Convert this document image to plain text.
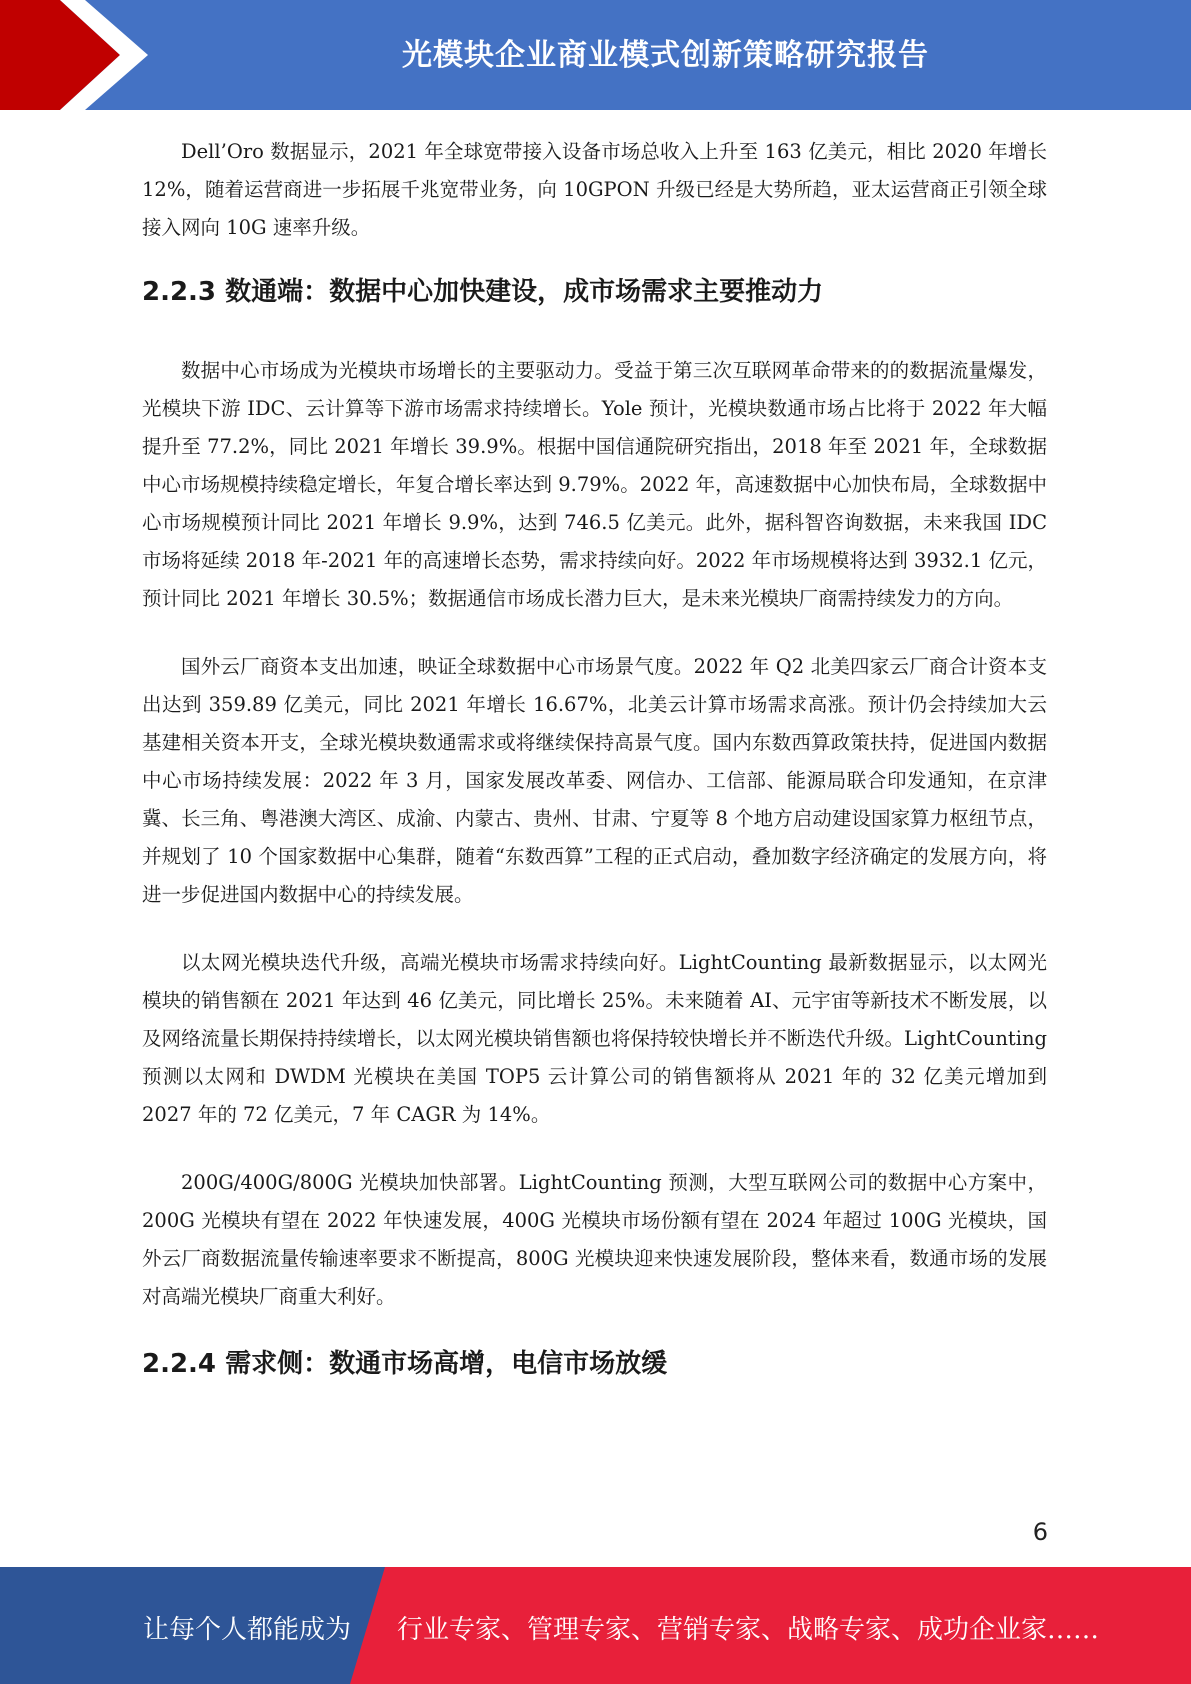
光模块企业商业模式创新策略研究报告

Dell’Oro 数据显示，2021 年全球宽带接入设备市场总收入上升至 163 亿美元，相比 2020 年增长 12%，随着运营商进一步拓展千兆宽带业务，向 10GPON 升级已经是大势所趋，亚太运营商正引领全球接入网向 10G 速率升级。

2.2.3 数通端：数据中心加快建设，成市场需求主要推动力

数据中心市场成为光模块市场增长的主要驱动力。受益于第三次互联网革命带来的的数据流量爆发，光模块下游 IDC、云计算等下游市场需求持续增长。Yole 预计，光模块数通市场占比将于 2022 年大幅提升至 77.2%，同比 2021 年增长 39.9%。根据中国信通院研究指出，2018 年至 2021 年，全球数据中心市场规模持续稳定增长，年复合增长率达到 9.79%。2022 年，高速数据中心加快布局，全球数据中心市场规模预计同比 2021 年增长 9.9%，达到 746.5 亿美元。此外，据科智咨询数据，未来我国 IDC 市场将延续 2018 年-2021 年的高速增长态势，需求持续向好。2022 年市场规模将达到 3932.1 亿元，预计同比 2021 年增长 30.5%；数据通信市场成长潜力巨大，是未来光模块厂商需持续发力的方向。

国外云厂商资本支出加速，映证全球数据中心市场景气度。2022 年 Q2 北美四家云厂商合计资本支出达到 359.89 亿美元，同比 2021 年增长 16.67%，北美云计算市场需求高涨。预计仍会持续加大云基建相关资本开支，全球光模块数通需求或将继续保持高景气度。国内东数西算政策扶持，促进国内数据中心市场持续发展：2022 年 3 月，国家发展改革委、网信办、工信部、能源局联合印发通知，在京津冀、长三角、粤港澳大湾区、成渝、内蒙古、贵州、甘肃、宁夏等 8 个地方启动建设国家算力枢纽节点，并规划了 10 个国家数据中心集群，随着“东数西算”工程的正式启动，叠加数字经济确定的发展方向，将进一步促进国内数据中心的持续发展。

以太网光模块迭代升级，高端光模块市场需求持续向好。LightCounting 最新数据显示，以太网光模块的销售额在 2021 年达到 46 亿美元，同比增长 25%。未来随着 AI、元宇宙等新技术不断发展，以及网络流量长期保持持续增长，以太网光模块销售额也将保持较快增长并不断迭代升级。LightCounting 预测以太网和 DWDM 光模块在美国 TOP5 云计算公司的销售额将从 2021 年的 32 亿美元增加到 2027 年的 72 亿美元，7 年 CAGR 为 14%。

200G/400G/800G 光模块加快部署。LightCounting 预测，大型互联网公司的数据中心方案中，200G 光模块有望在 2022 年快速发展，400G 光模块市场份额有望在 2024 年超过 100G 光模块，国外云厂商数据流量传输速率要求不断提高，800G 光模块迎来快速发展阶段，整体来看，数通市场的发展对高端光模块厂商重大利好。

2.2.4 需求侧：数通市场高增，电信市场放缓
6
让每个人都能成为 行业专家、管理专家、营销专家、战略专家、成功企业家……
